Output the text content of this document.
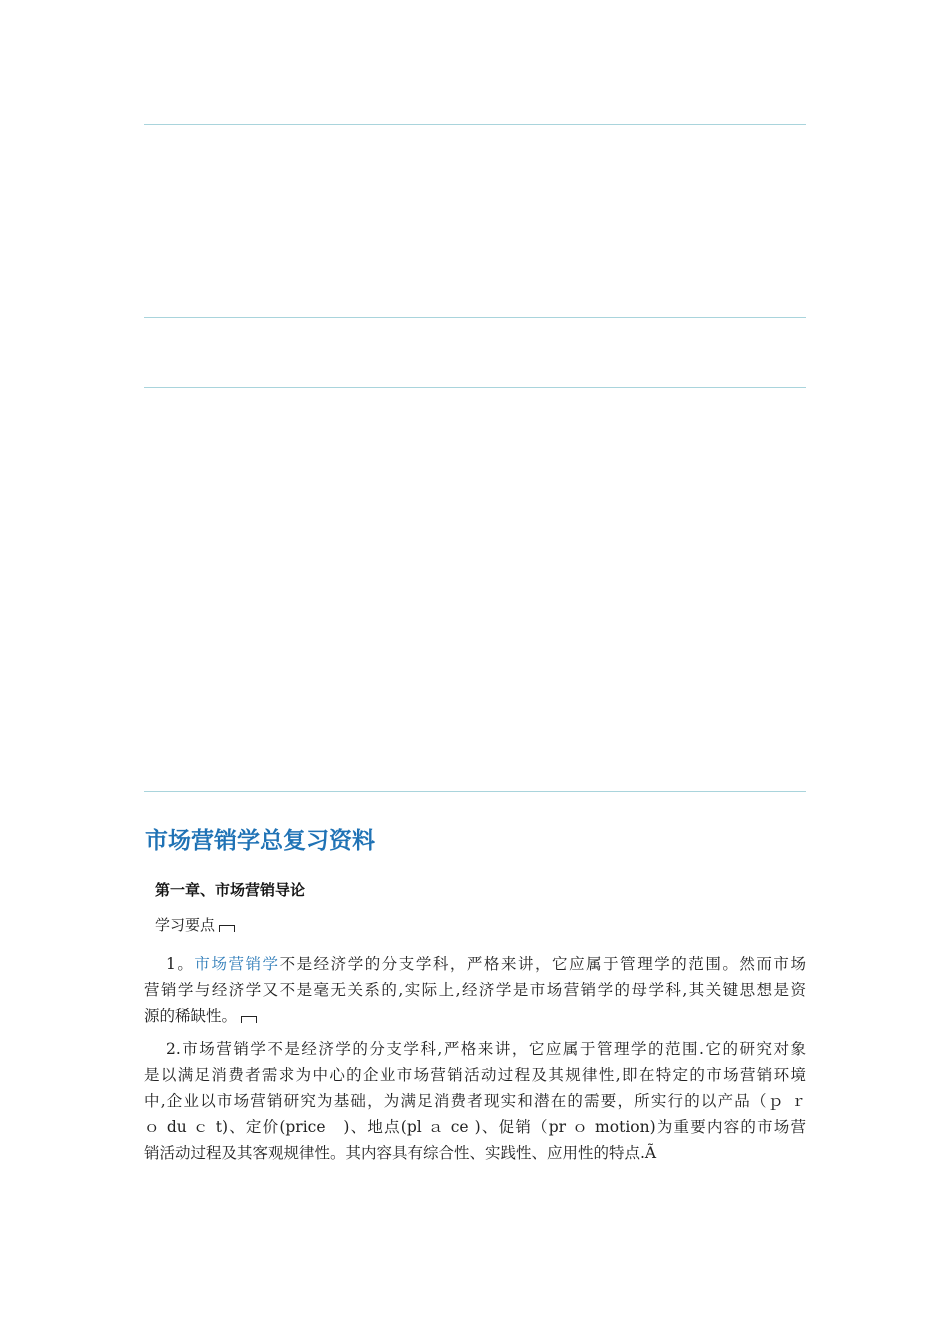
市场营销学总复习资料
第一章、市场营销导论

学习要点

1。市场营销学不是经济学的分支学科，严格来讲，它应属于管理学的范围。然而市场
营销学与经济学又不是毫无关系的,实际上,经济学是市场营销学的母学科,其关键思想是资
源的稀缺性。
2.市场营销学不是经济学的分支学科,严格来讲，它应属于管理学的范围.它的研究对象
是以满足消费者需求为中心的企业市场营销活动过程及其规律性,即在特定的市场营销环境
中,企业以市场营销研究为基础，为满足消费者现实和潜在的需要，所实行的以产品（ｐ ｒ
ｏ du ｃ t)、定价(price　)、地点(pl ａ ce )、促销（pr ｏ motion)为重要内容的市场营
销活动过程及其客观规律性。其内容具有综合性、实践性、应用性的特点.Ã
